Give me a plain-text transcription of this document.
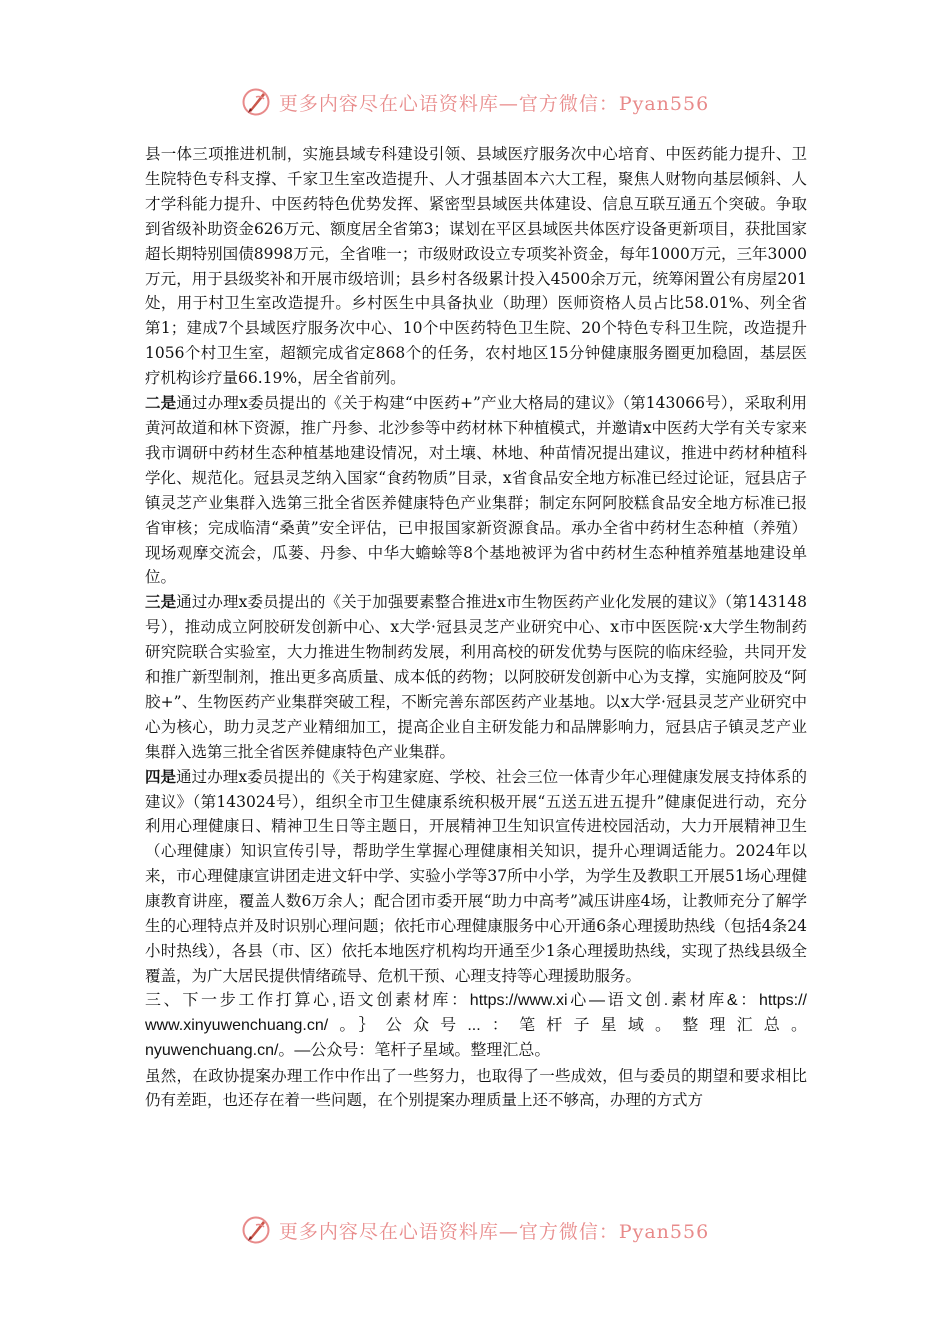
更多内容尽在心语资料库—官方微信：Pyan556

县一体三项推进机制，实施县域专科建设引领、县域医疗服务次中心培育、中医药能力提升、卫生院特色专科支撑、千家卫生室改造提升、人才强基固本六大工程，聚焦人财物向基层倾斜、人才学科能力提升、中医药特色优势发挥、紧密型县域医共体建设、信息互联互通五个突破。争取到省级补助资金626万元、额度居全省第3；谋划在平区县域医共体医疗设备更新项目，获批国家超长期特别国债8998万元，全省唯一；市级财政设立专项奖补资金，每年1000万元，三年3000万元，用于县级奖补和开展市级培训；县乡村各级累计投入4500余万元，统筹闲置公有房屋201处，用于村卫生室改造提升。乡村医生中具备执业（助理）医师资格人员占比58.01%、列全省第1；建成7个县域医疗服务次中心、10个中医药特色卫生院、20个特色专科卫生院，改造提升1056个村卫生室，超额完成省定868个的任务，农村地区15分钟健康服务圈更加稳固，基层医疗机构诊疗量66.19%，居全省前列。

二是通过办理x委员提出的《关于构建“中医药+”产业大格局的建议》（第143066号），采取利用黄河故道和林下资源，推广丹参、北沙参等中药材林下种植模式，并邀请x中医药大学有关专家来我市调研中药材生态种植基地建设情况，对土壤、林地、种苗情况提出建议，推进中药材种植科学化、规范化。冠县灵芝纳入国家“食药物质”目录，x省食品安全地方标准已经过论证，冠县店子镇灵芝产业集群入选第三批全省医养健康特色产业集群；制定东阿阿胶糕食品安全地方标准已报省审核；完成临清“桑黄”安全评估，已申报国家新资源食品。承办全省中药材生态种植（养殖）现场观摩交流会，瓜蒌、丹参、中华大蟾蜍等8个基地被评为省中药材生态种植养殖基地建设单位。

三是通过办理x委员提出的《关于加强要素整合推进x市生物医药产业化发展的建议》（第143148号），推动成立阿胶研发创新中心、x大学·冠县灵芝产业研究中心、x市中医医院·x大学生物制药研究院联合实验室，大力推进生物制药发展，利用高校的研发优势与医院的临床经验，共同开发和推广新型制剂，推出更多高质量、成本低的药物；以阿胶研发创新中心为支撑，实施阿胶及“阿胶+”、生物医药产业集群突破工程，不断完善东部医药产业基地。以x大学·冠县灵芝产业研究中心为核心，助力灵芝产业精细加工，提高企业自主研发能力和品牌影响力，冠县店子镇灵芝产业集群入选第三批全省医养健康特色产业集群。

四是通过办理x委员提出的《关于构建家庭、学校、社会三位一体青少年心理健康发展支持体系的建议》（第143024号），组织全市卫生健康系统积极开展“五送五进五提升”健康促进行动，充分利用心理健康日、精神卫生日等主题日，开展精神卫生知识宣传进校园活动，大力开展精神卫生（心理健康）知识宣传引导，帮助学生掌握心理健康相关知识，提升心理调适能力。2024年以来，市心理健康宣讲团走进文轩中学、实验小学等37所中小学，为学生及教职工开展51场心理健康教育讲座，覆盖人数6万余人；配合团市委开展“助力中高考”减压讲座4场，让教师充分了解学生的心理特点并及时识别心理问题；依托市心理健康服务中心开通6条心理援助热线（包括4条24小时热线），各县（市、区）依托本地医疗机构均开通至少1条心理援助热线，实现了热线县级全覆盖，为广大居民提供情绪疏导、危机干预、心理支持等心理援助服务。

三、下一步工作打算心,语文创素材库：https://www.xi心—语文创.素材库&：https://

www.xinyuwenchuang.cn/。｝公众号...：笔杆子星域。整理汇总。

nyuwenchuang.cn/。—公众号：笔杆子星域。整理汇总。

虽然，在政协提案办理工作中作出了一些努力，也取得了一些成效，但与委员的期望和要求相比仍有差距，也还存在着一些问题，在个别提案办理质量上还不够高，办理的方式方

更多内容尽在心语资料库—官方微信：Pyan556
